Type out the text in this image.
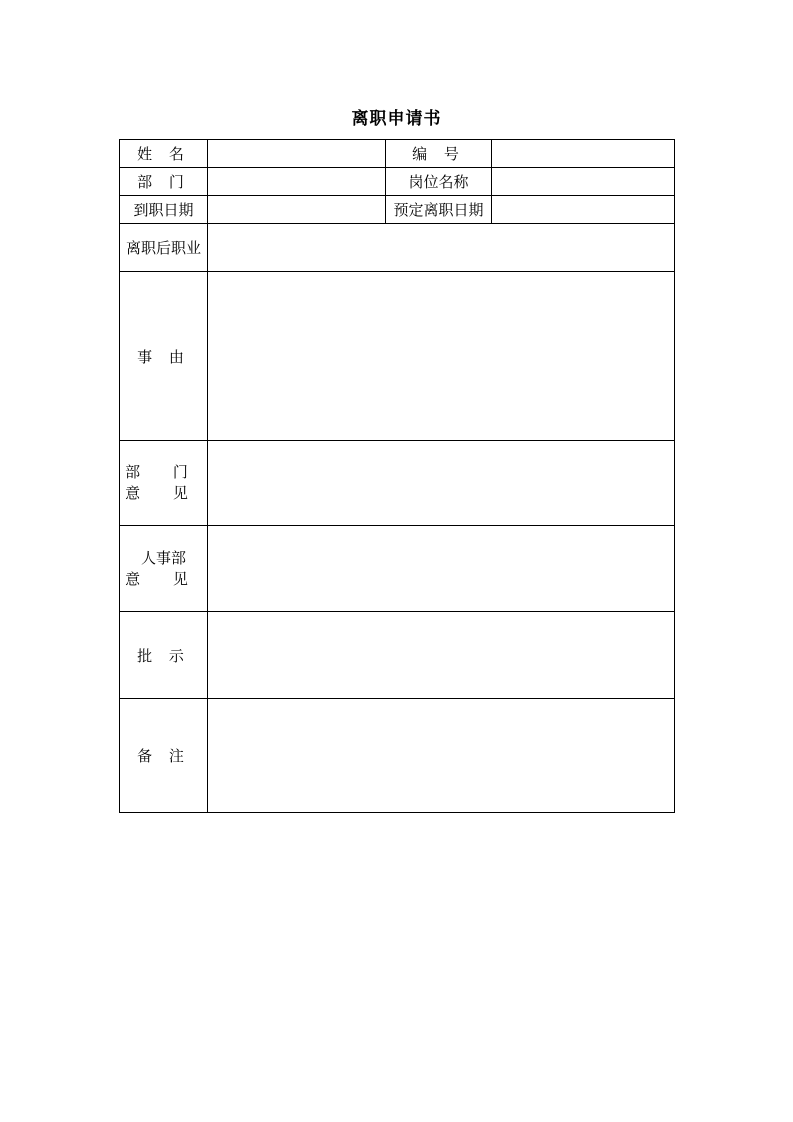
离职申请书
姓 名		编 号	
部 门		岗位名称	
到职日期		预定离职日期	
离职后职业			
事 由			

部 门
意 见			

人事部
意 见			

批 示			
备 注			
